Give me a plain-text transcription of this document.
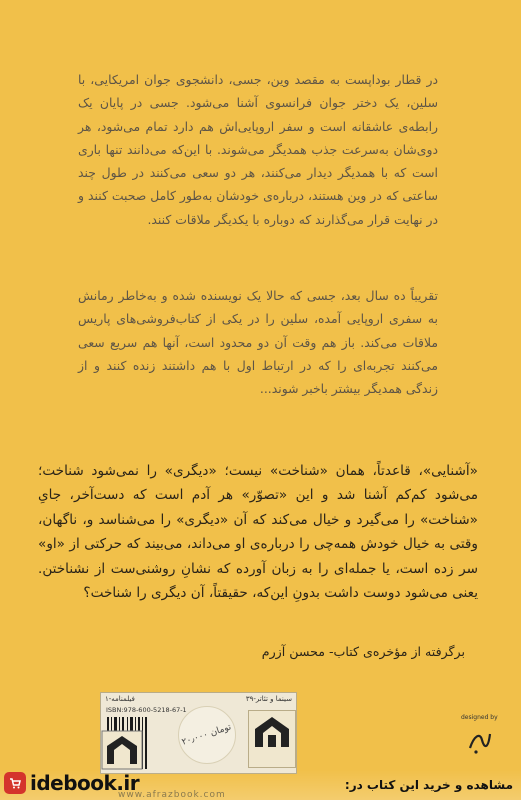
در قطار بوداپست به مقصد وین، جسی، دانشجوی جوان امریکایی، با سلین، یک دختر جوان فرانسوی آشنا می‌شود. جسی در پایان یک رابطه‌ی عاشقانه است و سفر اروپایی‌اش هم دارد تمام می‌شود، هر دوی‌شان به‌سرعت جذب همدیگر می‌شوند. با این‌که می‌دانند تنها باری است که با همدیگر دیدار می‌کنند، هر دو سعی می‌کنند در طول چند ساعتی که در وین هستند، درباره‌ی خودشان به‌طور کامل صحبت کنند و در نهایت قرار می‌گذارند که دوباره با یکدیگر ملاقات کنند.
تقریباً ده سال بعد، جسی که حالا یک نویسنده شده و به‌خاطر رمانش به سفری اروپایی آمده، سلین را در یکی از کتاب‌فروشی‌های پاریس ملاقات می‌کند. باز هم وقت آن دو محدود است، آنها هم سریع سعی می‌کنند تجربه‌ای را که در ارتباط اول با هم داشتند زنده کنند و از زندگی همدیگر بیشتر باخبر شوند...
«آشنایی»، قاعدتاً، همان «شناخت» نیست؛ «دیگری» را نمی‌شود شناخت؛ می‌شود کم‌کم آشنا شد و این «تصوّر» هر آدم است که دست‌آخر، جایِ «شناخت» را می‌گیرد و خیال می‌کند که آن «دیگری» را می‌شناسد و، ناگهان، وقتی به خیال خودش همه‌چی را درباره‌ی او می‌داند، می‌بیند که حرکتی از «او» سر زده است، یا جمله‌ای را به زبان آورده که نشانِ روشنی‌ست از نشناختن. یعنی می‌شود دوست داشت بدونِ این‌که، حقیقتاً، آن دیگری را شناخت؟
برگرفته از مؤخره‌ی کتاب- محسن آزرم
سینما و تئاتر-۳۹
فیلمنامه-۱
ISBN:978-600-5218-67-1
۲۰٫۰۰۰ تومان
designed by
idebook.ir
www.afrazbook.com
مشاهده و خرید این کتاب در:
